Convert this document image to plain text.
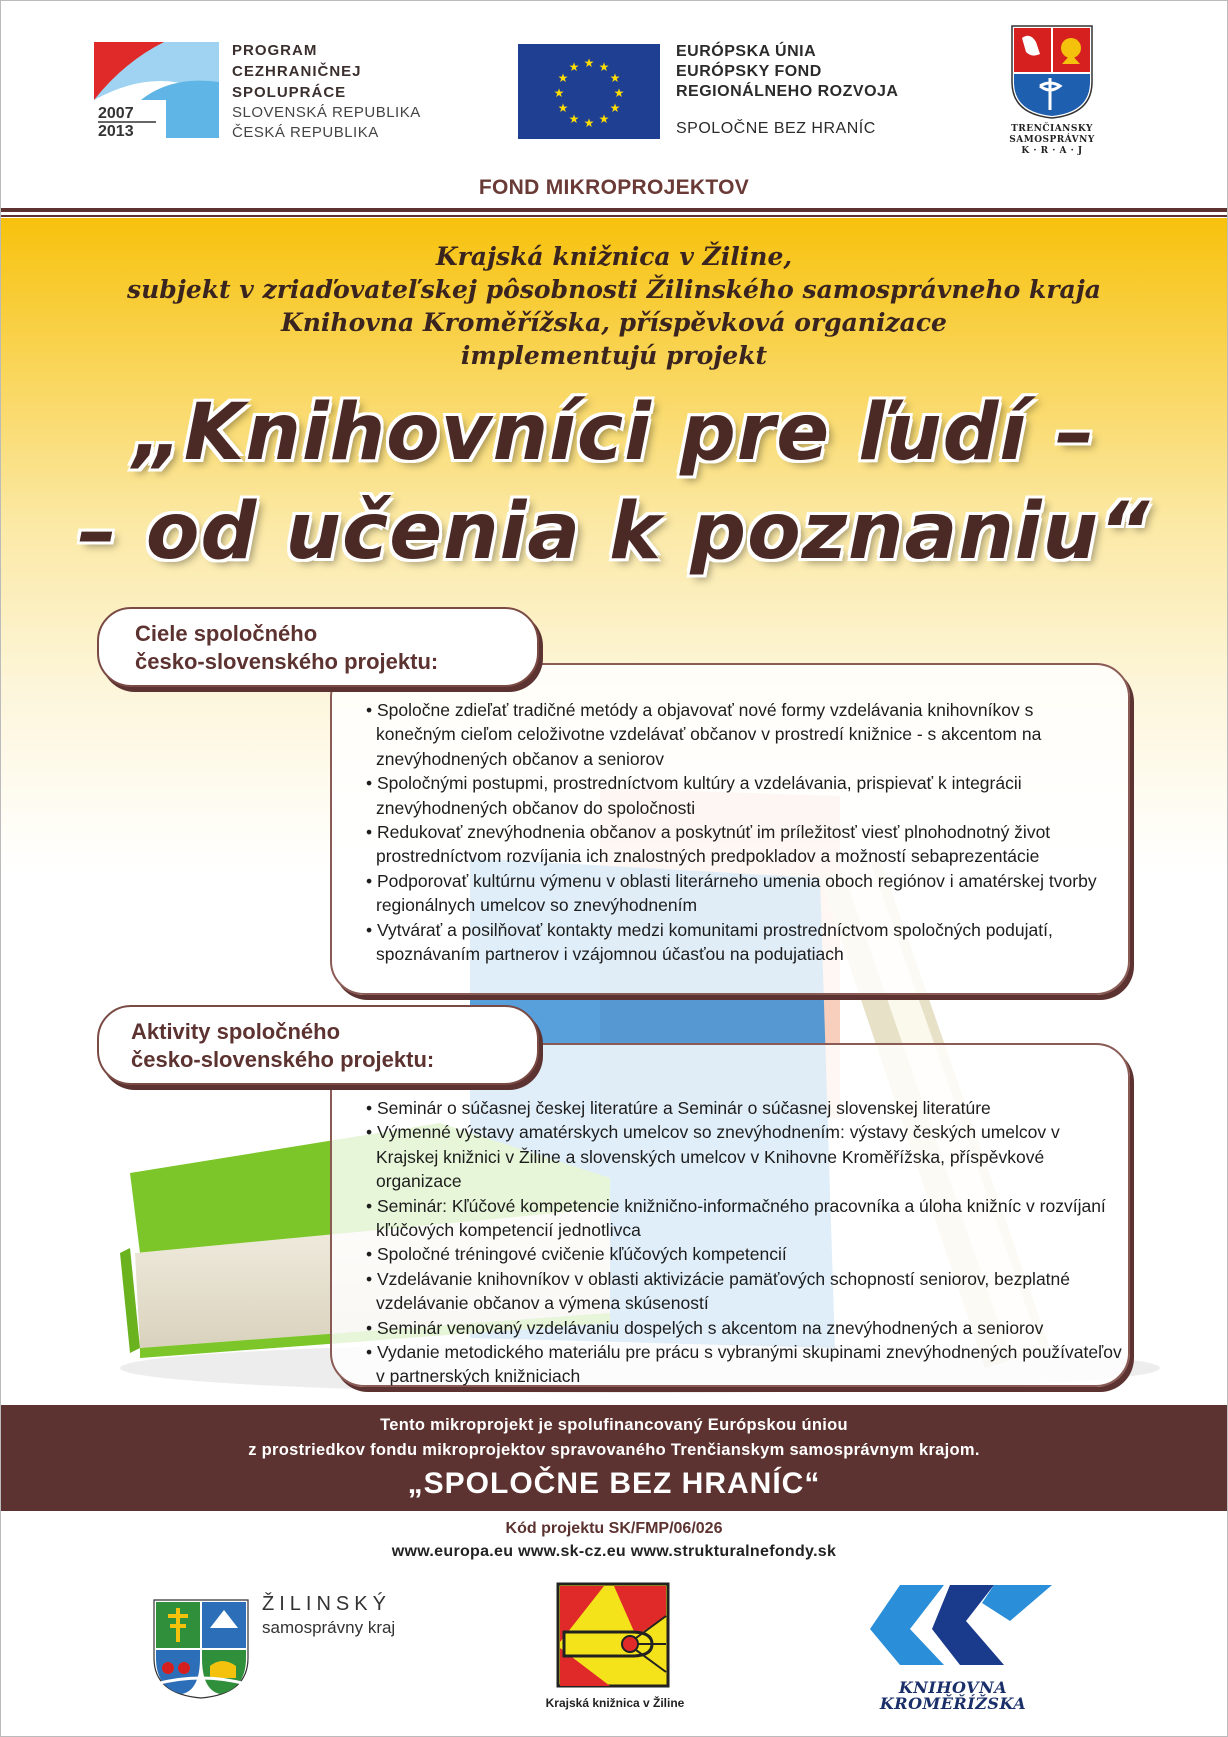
2007
2013
PROGRAM
CEZHRANIČNEJ
SPOLUPRÁCE
SLOVENSKÁ REPUBLIKA
ČESKÁ REPUBLIKA
★ ★
★
★
★
★
★
★
★
★
★
★
EURÓPSKA ÚNIA
EURÓPSKY FOND
REGIONÁLNEHO ROZVOJA
SPOLOČNE BEZ HRANÍC	TRENČIANSKY
SAMOSPRÁVNY
K · R · A · J
FOND MIKROPROJEKTOV
Krajská knižnica v Žiline,
subjekt v zriaďovateľskej pôsobnosti Žilinského samosprávneho kraja
Knihovna Kroměřížska, příspěvková organizace
implementujú projekt
„Knihovníci pre ľudí –
– od učenia k poznaniu“
Ciele spoločného
česko-slovenského projektu:
• Spoločne zdieľať tradičné metódy a objavovať nové formy vzdelávania knihovníkov s konečným cieľom celoživotne vzdelávať občanov v prostredí knižnice - s akcentom na znevýhodnených občanov a seniorov
• Spoločnými postupmi, prostredníctvom kultúry a vzdelávania, prispievať k integrácii znevýhodnených občanov do spoločnosti
• Redukovať znevýhodnenia občanov a poskytnúť im príležitosť viesť plnohodnotný život prostredníctvom rozvíjania ich znalostných predpokladov a možností sebaprezentácie
• Podporovať kultúrnu výmenu v oblasti literárneho umenia oboch regiónov i amatérskej tvorby regionálnych umelcov so znevýhodnením
• Vytvárať a posilňovať kontakty medzi komunitami prostredníctvom spoločných podujatí, spoznávaním partnerov i vzájomnou účasťou na podujatiach
Aktivity spoločného
česko-slovenského projektu:
• Seminár o súčasnej českej literatúre a Seminár o súčasnej slovenskej literatúre
• Výmenné výstavy amatérskych umelcov so znevýhodnením: výstavy českých umelcov v Krajskej knižnici v Žiline a slovenských umelcov v Knihovne Kroměřížska, příspěvkové organizace
• Seminár: Kľúčové kompetencie knižnično-informačného pracovníka a úloha knižníc v rozvíjaní kľúčových kompetencií jednotlivca
• Spoločné tréningové cvičenie kľúčových kompetencií
• Vzdelávanie knihovníkov v oblasti aktivizácie pamäťových schopností seniorov, bezplatné vzdelávanie občanov a výmena skúseností
• Seminár venovaný vzdelávaniu dospelých s akcentom na znevýhodnených a seniorov
• Vydanie metodického materiálu pre prácu s vybranými skupinami znevýhodnených používateľov v partnerských knižniciach
Tento mikroprojekt je spolufinancovaný Európskou úniou
z prostriedkov fondu mikroprojektov spravovaného Trenčianskym samosprávnym krajom.
„SPOLOČNE BEZ HRANÍC“
Kód projektu SK/FMP/06/026
www.europa.eu www.sk-cz.eu www.strukturalnefondy.sk
ŽILINSKÝ
samosprávny kraj
Krajská knižnica v Žiline
KNIHOVNA
KROMĚŘÍŽSKA
